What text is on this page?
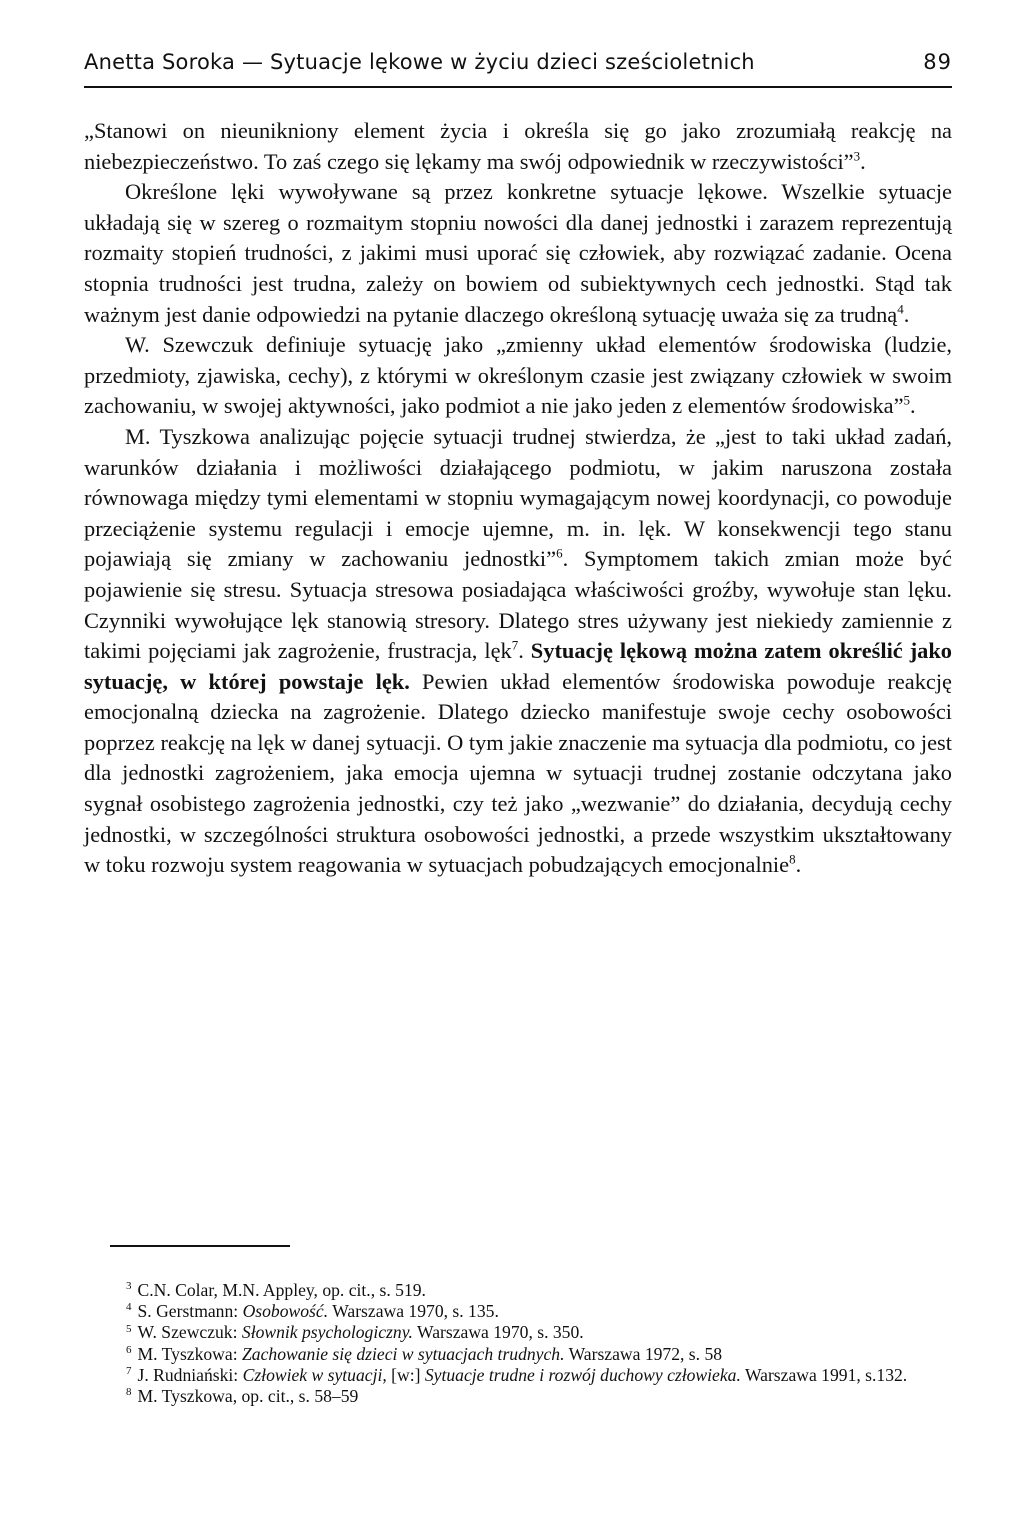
Anetta Soroka — Sytuacje lękowe w życiu dzieci sześcioletnich	89

„Stanowi on nieunikniony element życia i określa się go jako zrozumiałą reakcję na niebezpieczeństwo. To zaś czego się lękamy ma swój odpowiednik w rzeczywistości”$^3$.

Określone lęki wywoływane są przez konkretne sytuacje lękowe. Wszelkie sytuacje układają się w szereg o rozmaitym stopniu nowości dla danej jednostki i zarazem reprezentują rozmaity stopień trudności, z jakimi musi uporać się człowiek, aby rozwiązać zadanie. Ocena stopnia trudności jest trudna, zależy on bowiem od subiektywnych cech jednostki. Stąd tak ważnym jest danie odpowiedzi na pytanie dlaczego określoną sytuację uważa się za trudną$^4$.

W. Szewczuk definiuje sytuację jako „zmienny układ elementów środowiska (ludzie, przedmioty, zjawiska, cechy), z którymi w określonym czasie jest związany człowiek w swoim zachowaniu, w swojej aktywności, jako podmiot a nie jako jeden z elementów środowiska”$^5$.

M. Tyszkowa analizując pojęcie sytuacji trudnej stwierdza, że „jest to taki układ zadań, warunków działania i możliwości działającego podmiotu, w jakim naruszona została równowaga między tymi elementami w stopniu wymagającym nowej koordynacji, co powoduje przeciążenie systemu regulacji i emocje ujemne, m. in. lęk. W konsekwencji tego stanu pojawiają się zmiany w zachowaniu jednostki”$^6$. Symptomem takich zmian może być pojawienie się stresu. Sytuacja stresowa posiadająca właściwości groźby, wywołuje stan lęku. Czynniki wywołujące lęk stanowią stresory. Dlatego stres używany jest niekiedy zamiennie z takimi pojęciami jak zagrożenie, frustracja, lęk$^7$. Sytuację lękową można zatem określić jako sytuację, w której powstaje lęk. Pewien układ elementów środowiska powoduje reakcję emocjonalną dziecka na zagrożenie. Dlatego dziecko manifestuje swoje cechy osobowości poprzez reakcję na lęk w danej sytuacji. O tym jakie znaczenie ma sytuacja dla podmiotu, co jest dla jednostki zagrożeniem, jaka emocja ujemna w sytuacji trudnej zostanie odczytana jako sygnał osobistego zagrożenia jednostki, czy też jako „wezwanie” do działania, decydują cechy jednostki, w szczególności struktura osobowości jednostki, a przede wszystkim ukształtowany w toku rozwoju system reagowania w sytuacjach pobudzających emocjonalnie$^8$.

$^3$ C.N. Colar, M.N. Appley, op. cit., s. 519.

$^4$ S. Gerstmann: Osobowość. Warszawa 1970, s. 135.

$^5$ W. Szewczuk: Słownik psychologiczny. Warszawa 1970, s. 350.

$^6$ M. Tyszkowa: Zachowanie się dzieci w sytuacjach trudnych. Warszawa 1972, s. 58

$^7$ J. Rudniański: Człowiek w sytuacji, [w:] Sytuacje trudne i rozwój duchowy człowieka. Warszawa 1991, s.132.

$^8$ M. Tyszkowa, op. cit., s. 58–59
